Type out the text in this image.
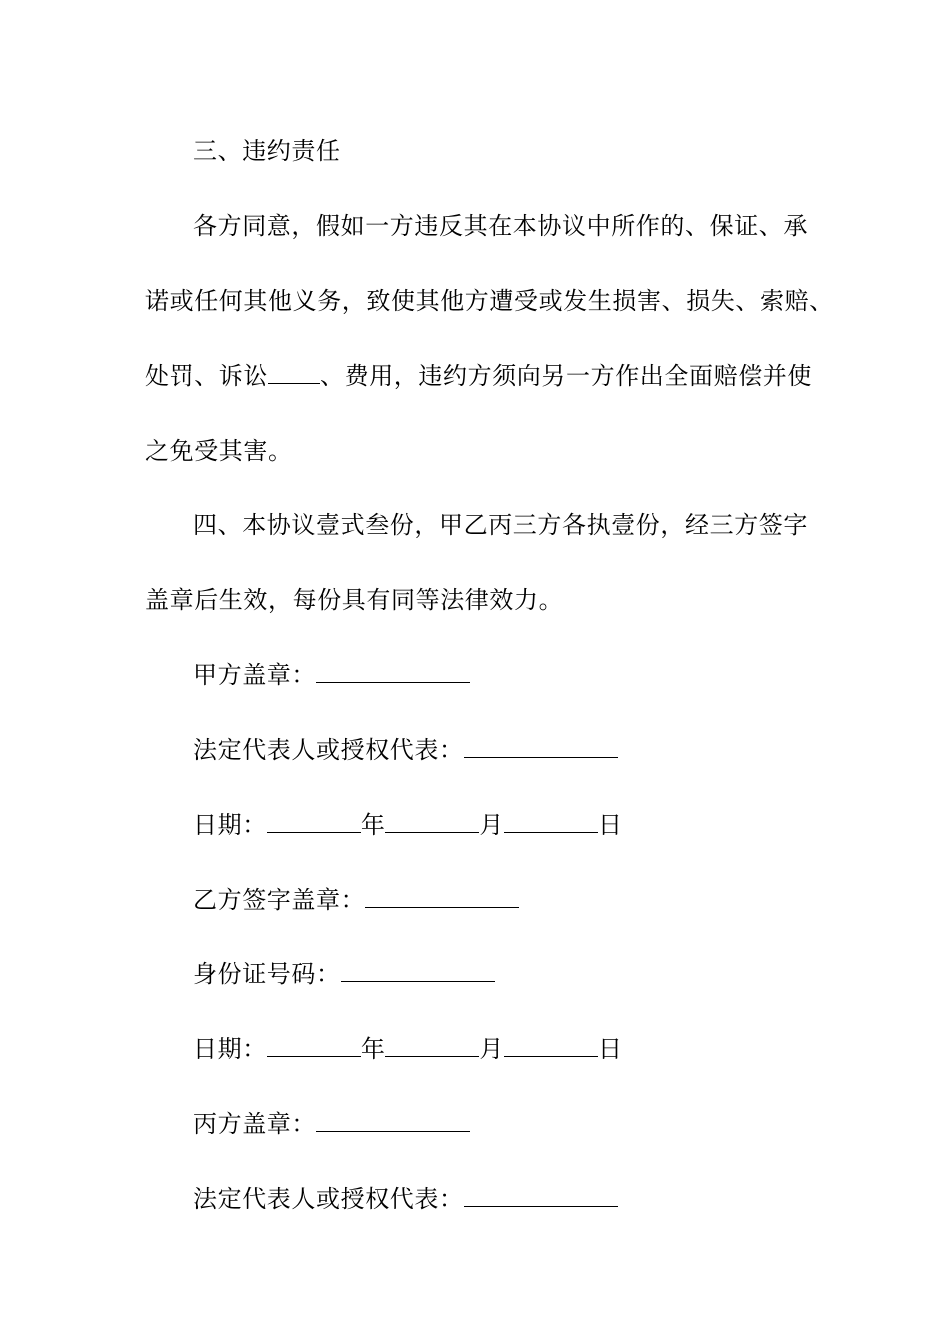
三、违约责任
各方同意，假如一方违反其在本协议中所作的、保证、承
诺或任何其他义务，致使其他方遭受或发生损害、损失、索赔、
处罚、诉讼 、费用，违约方须向另一方作出全面赔偿并使
之免受其害。
四、本协议壹式叁份，甲乙丙三方各执壹份，经三方签字
盖章后生效，每份具有同等法律效力。
甲方盖章：
法定代表人或授权代表：
日期：	年	月	日
乙方签字盖章：
身份证号码：
日期：	年	月	日
丙方盖章：
法定代表人或授权代表：
